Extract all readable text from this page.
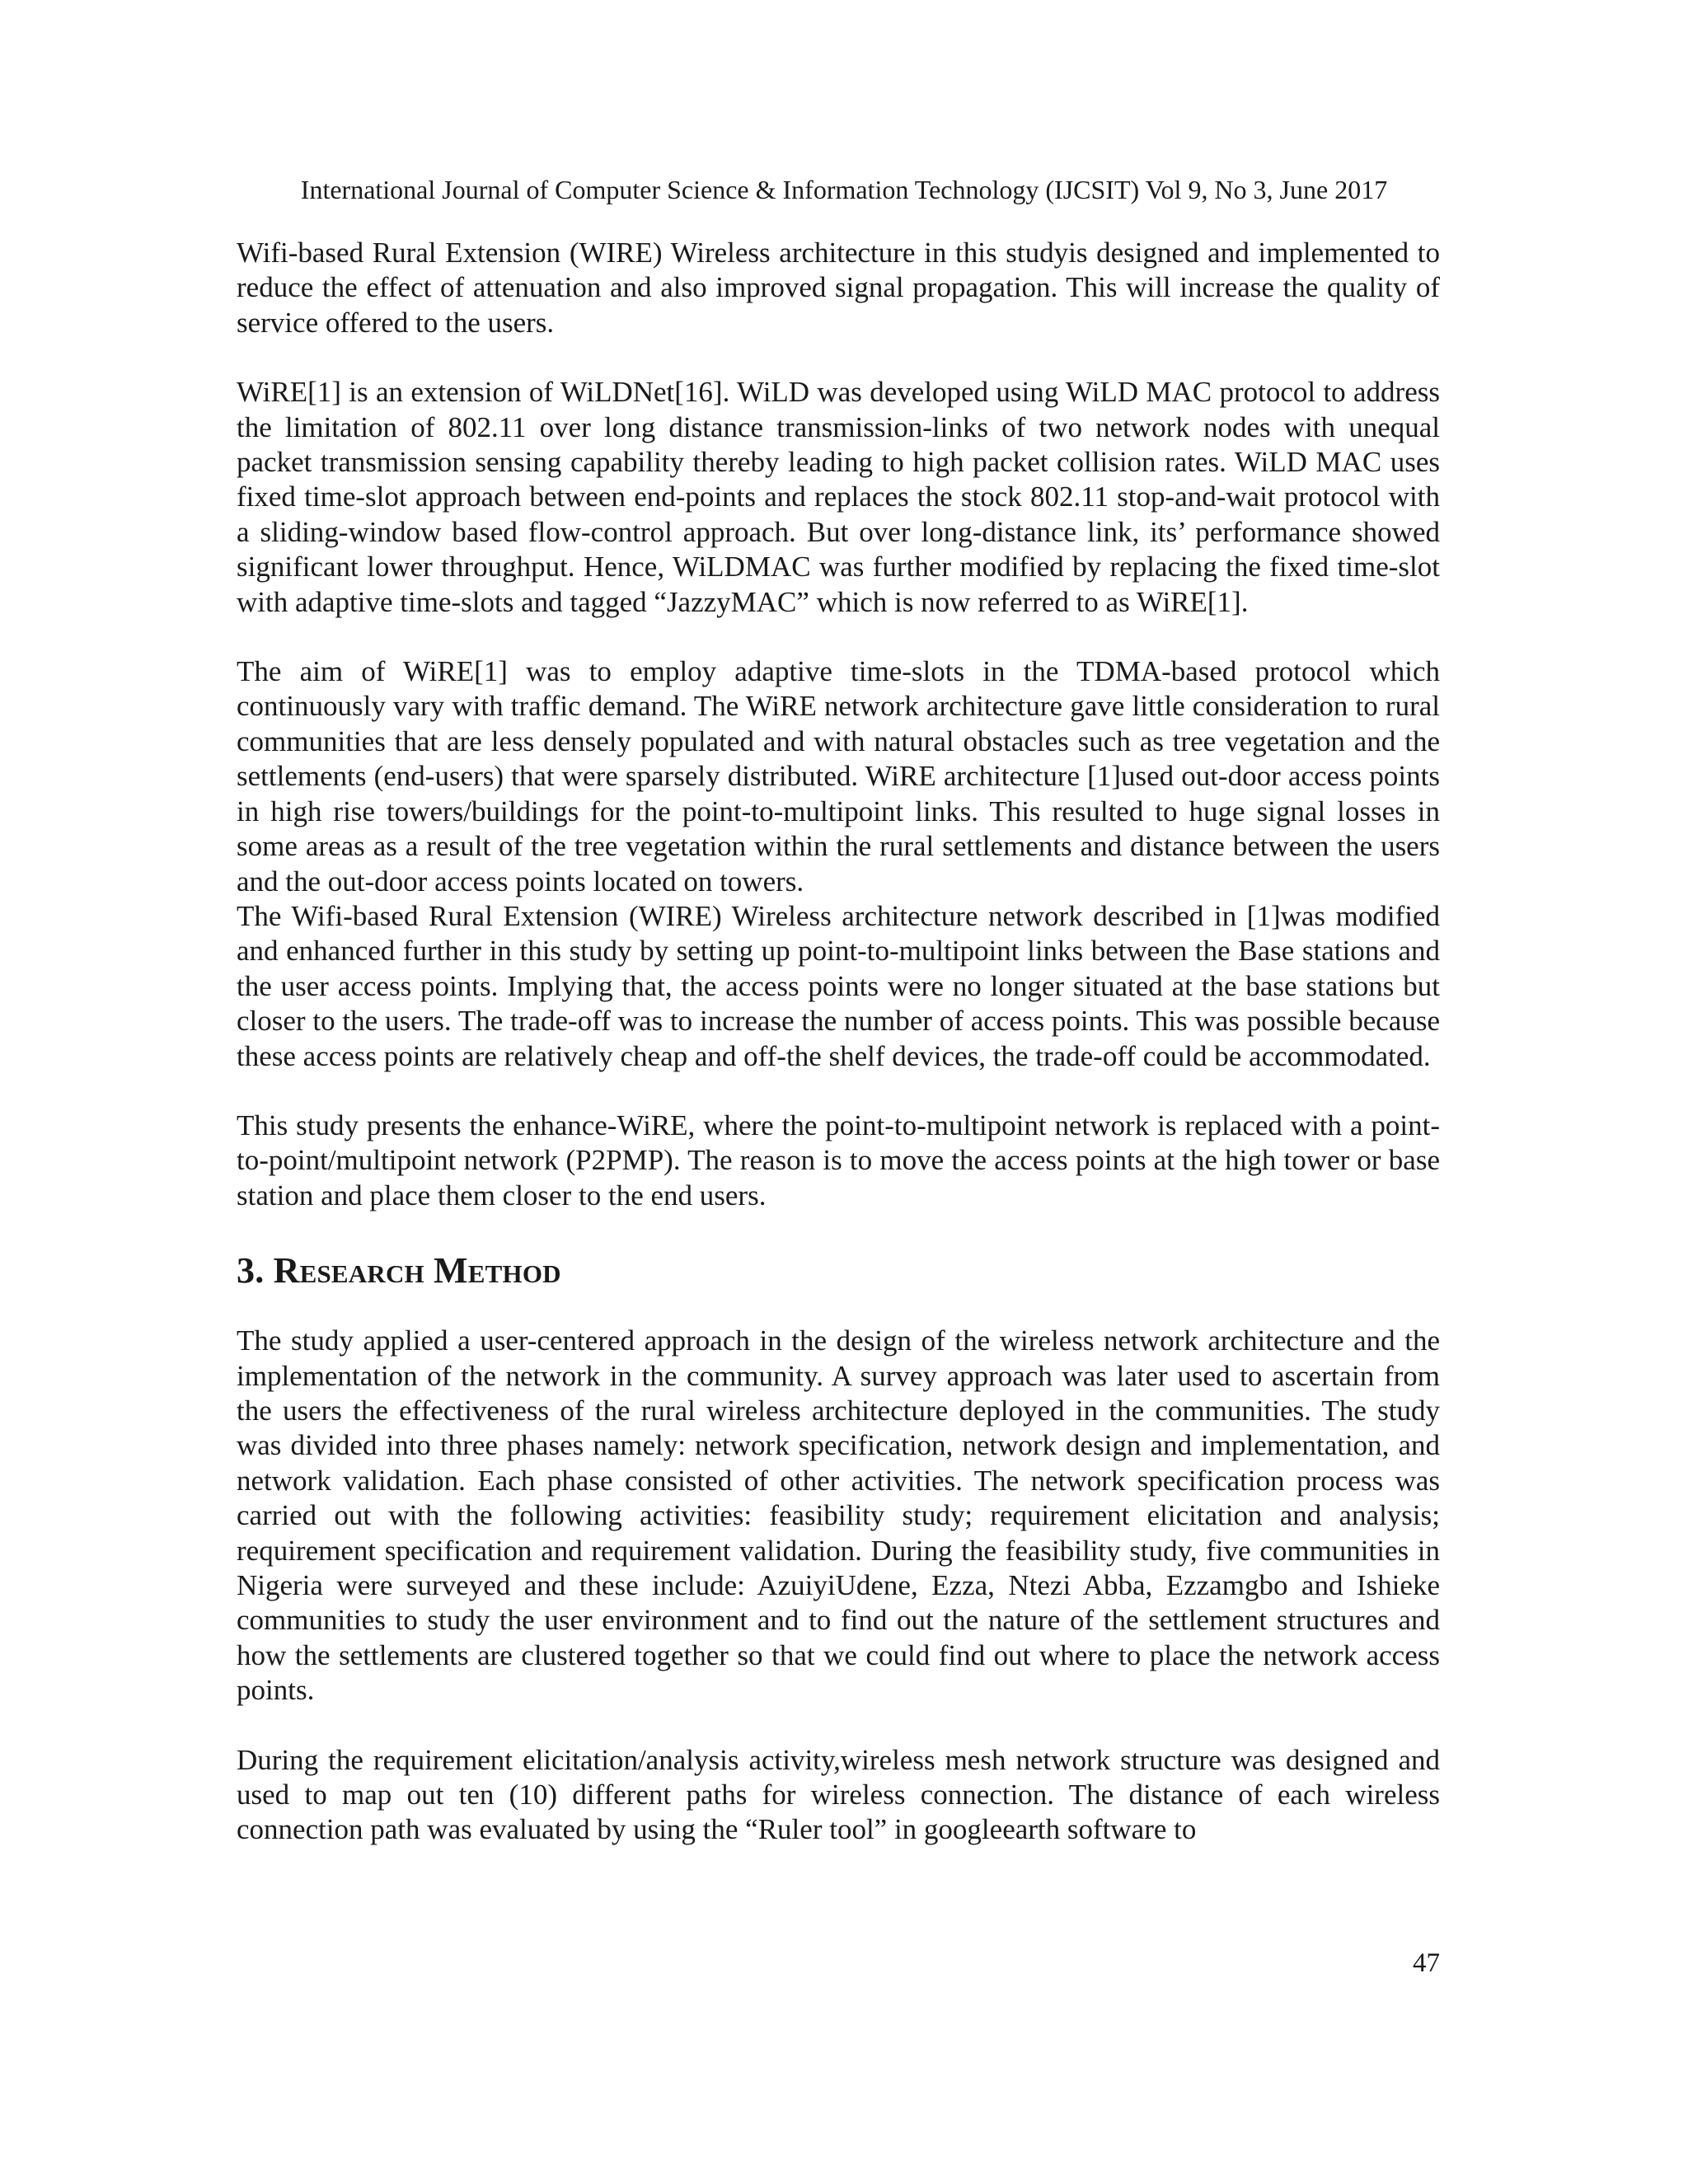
International Journal of Computer Science & Information Technology (IJCSIT) Vol 9, No 3, June 2017

Wifi-based Rural Extension (WIRE) Wireless architecture in this studyis designed and implemented to reduce the effect of attenuation and also improved signal propagation. This will increase the quality of service offered to the users.

WiRE[1] is an extension of WiLDNet[16]. WiLD was developed using WiLD MAC protocol to address the limitation of 802.11 over long distance transmission-links of two network nodes with unequal packet transmission sensing capability thereby leading to high packet collision rates. WiLD MAC uses fixed time-slot approach between end-points and replaces the stock 802.11 stop-and-wait protocol with a sliding-window based flow-control approach. But over long-distance link, its’ performance showed significant lower throughput. Hence, WiLDMAC was further modified by replacing the fixed time-slot with adaptive time-slots and tagged “JazzyMAC” which is now referred to as WiRE[1].

The aim of WiRE[1] was to employ adaptive time-slots in the TDMA-based protocol which continuously vary with traffic demand. The WiRE network architecture gave little consideration to rural communities that are less densely populated and with natural obstacles such as tree vegetation and the settlements (end-users) that were sparsely distributed. WiRE architecture [1]used out-door access points in high rise towers/buildings for the point-to-multipoint links. This resulted to huge signal losses in some areas as a result of the tree vegetation within the rural settlements and distance between the users and the out-door access points located on towers.

The Wifi-based Rural Extension (WIRE) Wireless architecture network described in [1]was modified and enhanced further in this study by setting up point-to-multipoint links between the Base stations and the user access points. Implying that, the access points were no longer situated at the base stations but closer to the users. The trade-off was to increase the number of access points. This was possible because these access points are relatively cheap and off-the shelf devices, the trade-off could be accommodated.

This study presents the enhance-WiRE, where the point-to-multipoint network is replaced with a point-to-point/multipoint network (P2PMP). The reason is to move the access points at the high tower or base station and place them closer to the end users.

3. Research Method

The study applied a user-centered approach in the design of the wireless network architecture and the implementation of the network in the community. A survey approach was later used to ascertain from the users the effectiveness of the rural wireless architecture deployed in the communities. The study was divided into three phases namely: network specification, network design and implementation, and network validation. Each phase consisted of other activities. The network specification process was carried out with the following activities: feasibility study; requirement elicitation and analysis; requirement specification and requirement validation. During the feasibility study, five communities in Nigeria were surveyed and these include: AzuiyiUdene, Ezza, Ntezi Abba, Ezzamgbo and Ishieke communities to study the user environment and to find out the nature of the settlement structures and how the settlements are clustered together so that we could find out where to place the network access points.

During the requirement elicitation/analysis activity,wireless mesh network structure was designed and used to map out ten (10) different paths for wireless connection. The distance of each wireless connection path was evaluated by using the “Ruler tool” in googleearth software to

47
